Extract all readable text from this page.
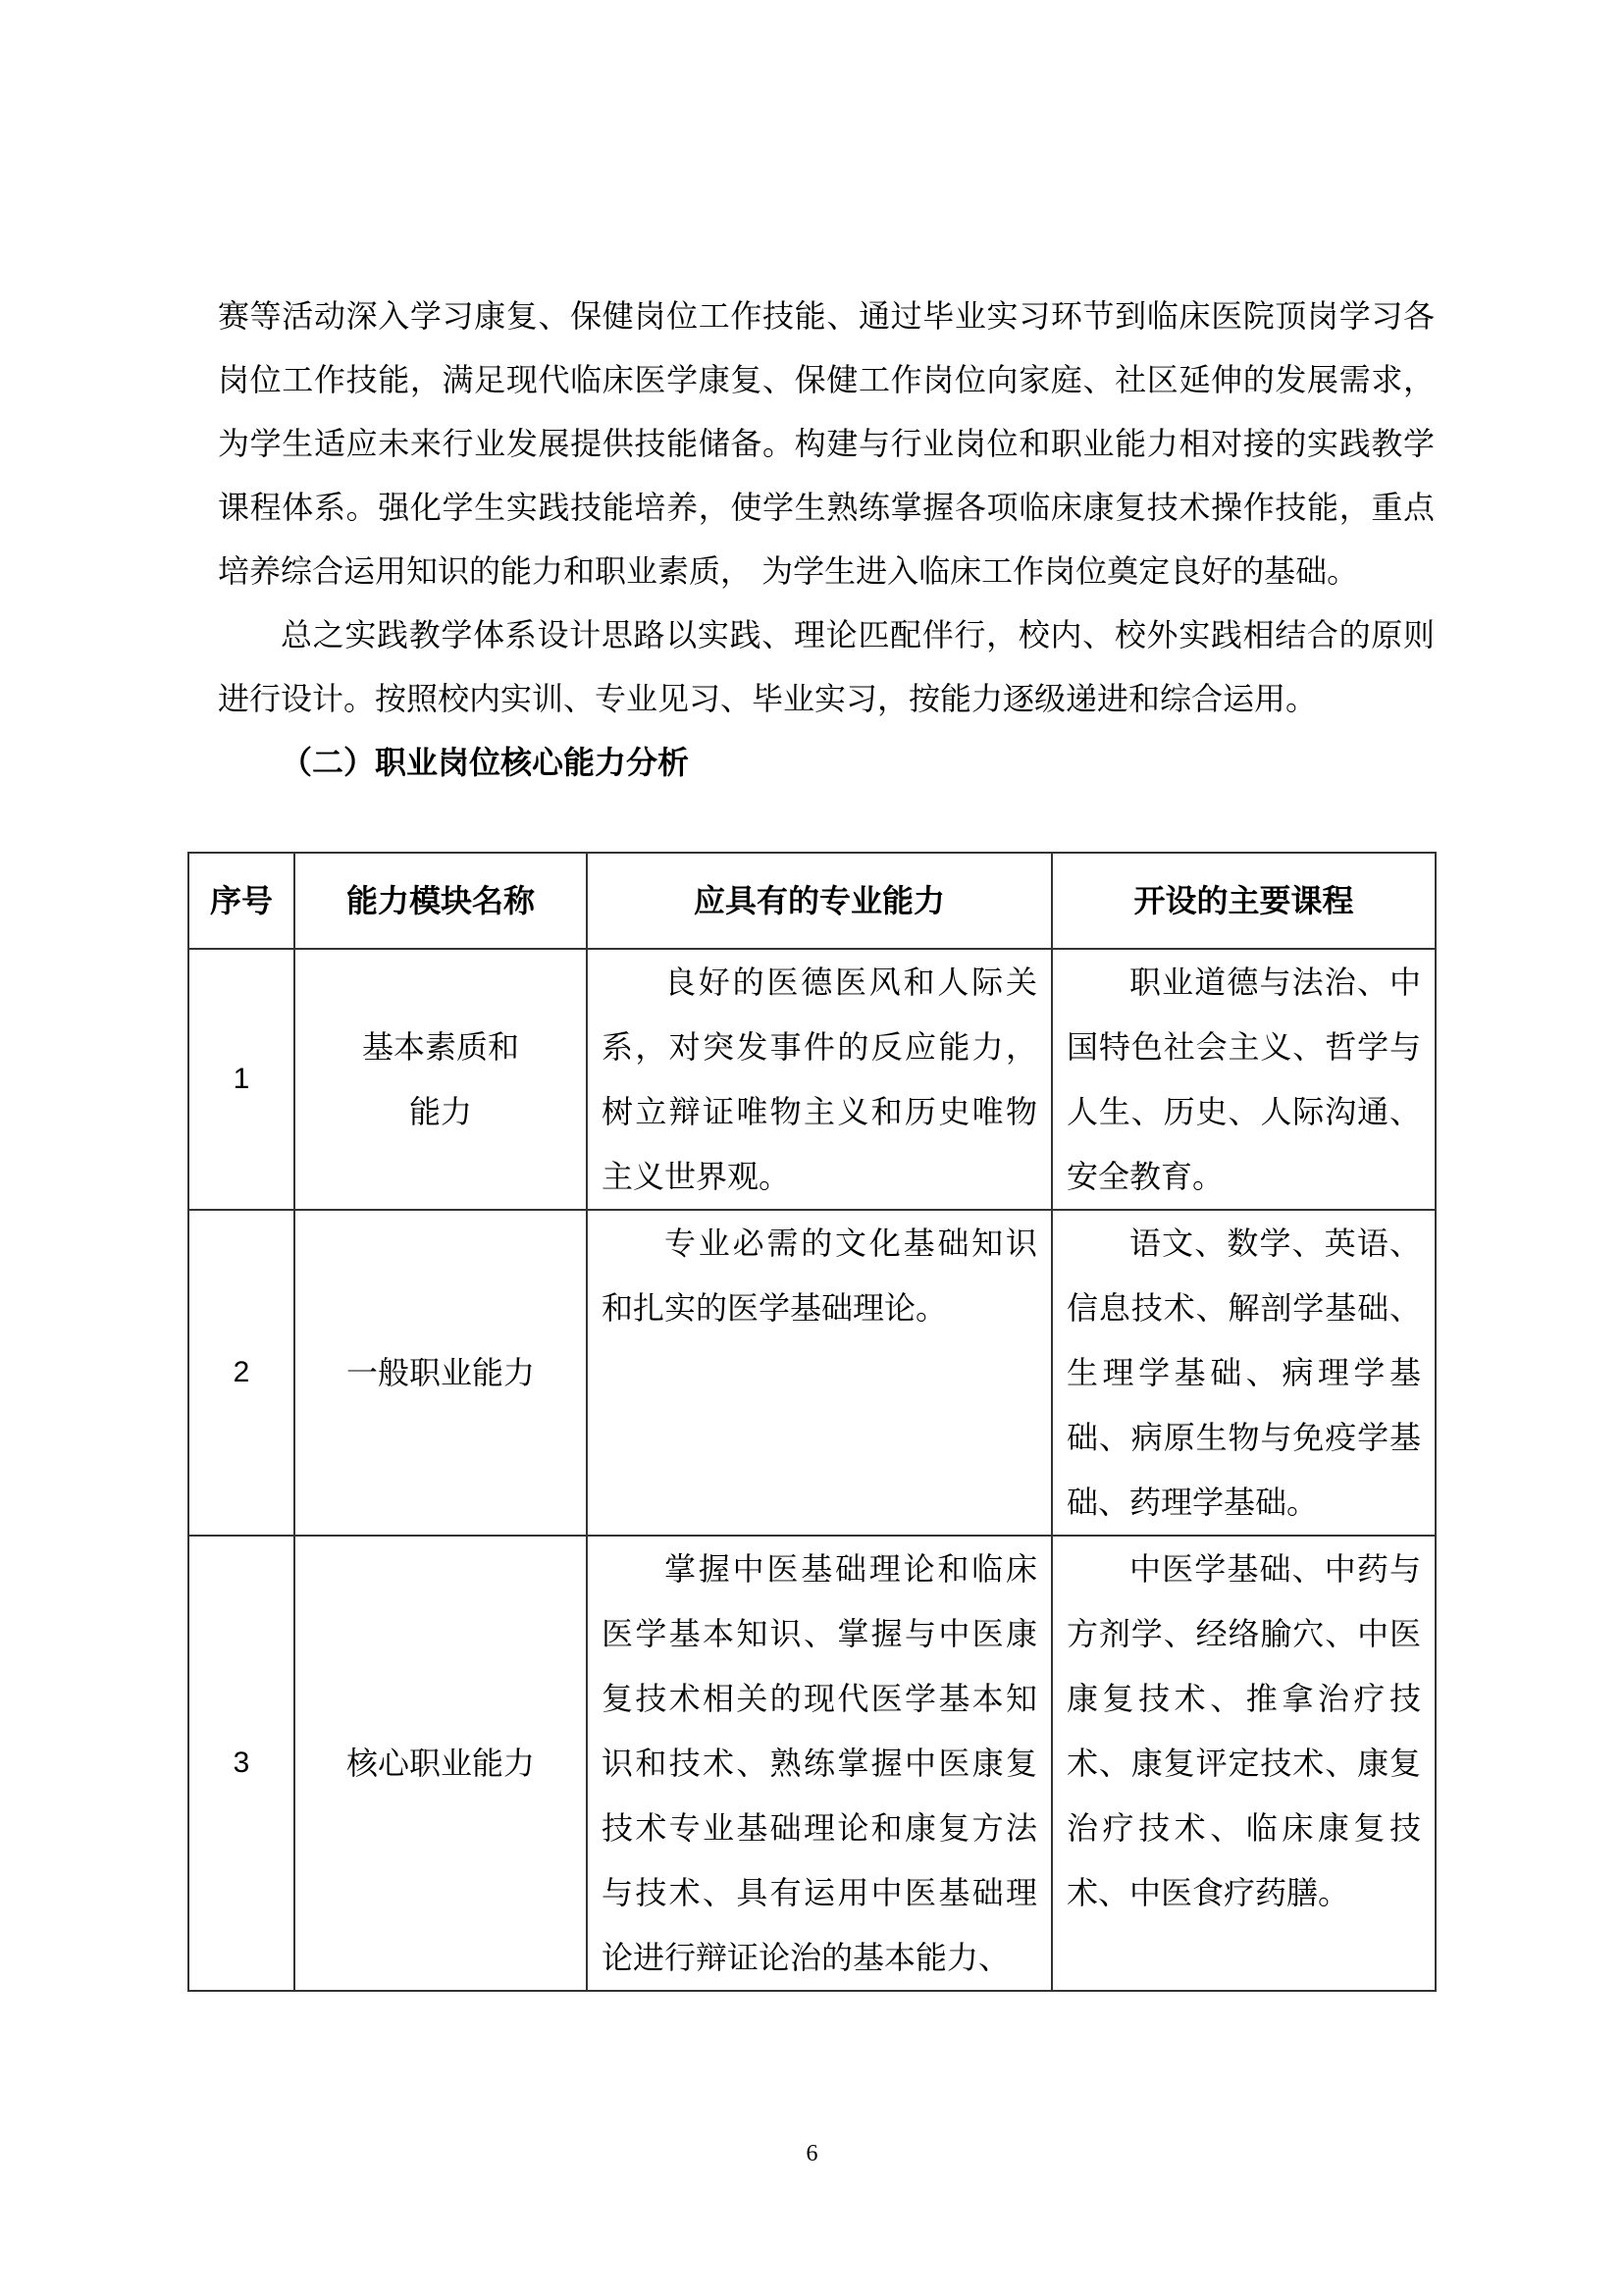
赛等活动深入学习康复、保健岗位工作技能、通过毕业实习环节到临床医院顶岗学习各岗位工作技能，满足现代临床医学康复、保健工作岗位向家庭、社区延伸的发展需求，为学生适应未来行业发展提供技能储备。构建与行业岗位和职业能力相对接的实践教学课程体系。强化学生实践技能培养，使学生熟练掌握各项临床康复技术操作技能，重点培养综合运用知识的能力和职业素质， 为学生进入临床工作岗位奠定良好的基础。

总之实践教学体系设计思路以实践、理论匹配伴行，校内、校外实践相结合的原则进行设计。按照校内实训、专业见习、毕业实习，按能力逐级递进和综合运用。

（二）职业岗位核心能力分析
序号	能力模块名称	应具有的专业能力	开设的主要课程
1	基本素质和能力	良好的医德医风和人际关系，对突发事件的反应能力，树立辩证唯物主义和历史唯物主义世界观。	职业道德与法治、中国特色社会主义、哲学与人生、历史、人际沟通、安全教育。

2	一般职业能力	专业必需的文化基础知识和扎实的医学基础理论。	语文、数学、英语、信息技术、解剖学基础、生理学基础、病理学基础、病原生物与免疫学基础、药理学基础。

3	核心职业能力	掌握中医基础理论和临床医学基本知识、掌握与中医康复技术相关的现代医学基本知识和技术、熟练掌握中医康复技术专业基础理论和康复方法与技术、具有运用中医基础理论进行辩证论治的基本能力、	中医学基础、中药与方剂学、经络腧穴、中医康复技术、推拿治疗技术、康复评定技术、康复治疗技术、临床康复技术、中医食疗药膳。
6
